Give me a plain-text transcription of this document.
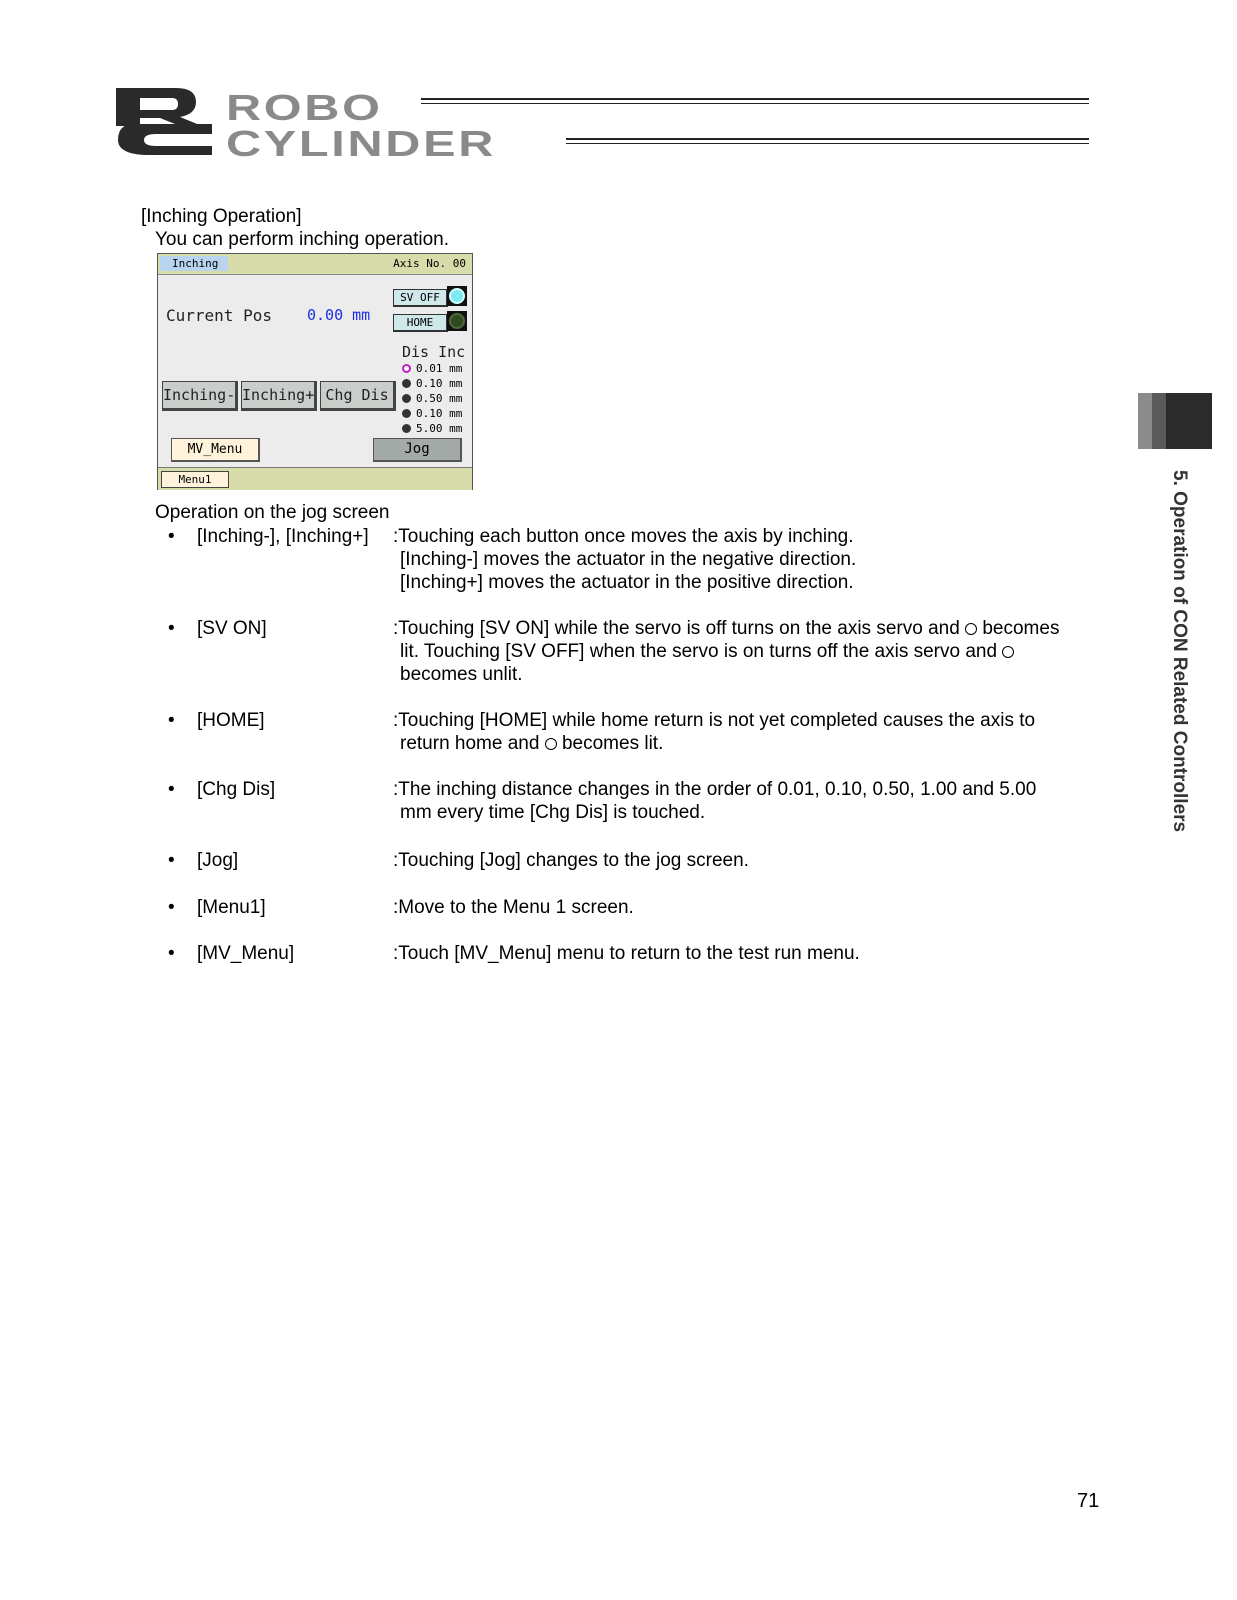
ROBO
CYLINDER
[Inching Operation]
You can perform inching operation.
Inching	Axis No. 00
Current Pos 0.00 mm
SV OFF
HOME
Dis Inc
0.01 mm
0.10 mm
0.50 mm
0.10 mm
5.00 mm
Inching- Inching+ Chg Dis
MV_Menu	Jog
Menu1
Operation on the jog screen
• [Inching-], [Inching+] :Touching each button once moves the axis by inching.
[Inching-] moves the actuator in the negative direction.
[Inching+] moves the actuator in the positive direction.
• [SV ON]	:Touching [SV ON] while the servo is off turns on the axis servo and becomes
lit. Touching [SV OFF] when the servo is on turns off the axis servo and
becomes unlit.
• [HOME]	:Touching [HOME] while home return is not yet completed causes the axis to
return home and becomes lit.
• [Chg Dis]	:The inching distance changes in the order of 0.01, 0.10, 0.50, 1.00 and 5.00
mm every time [Chg Dis] is touched.
• [Jog]	:Touching [Jog] changes to the jog screen.
• [Menu1]	:Move to the Menu 1 screen.
• [MV_Menu]	:Touch [MV_Menu] menu to return to the test run menu.
5. Operation of CON Related Controllers
71
